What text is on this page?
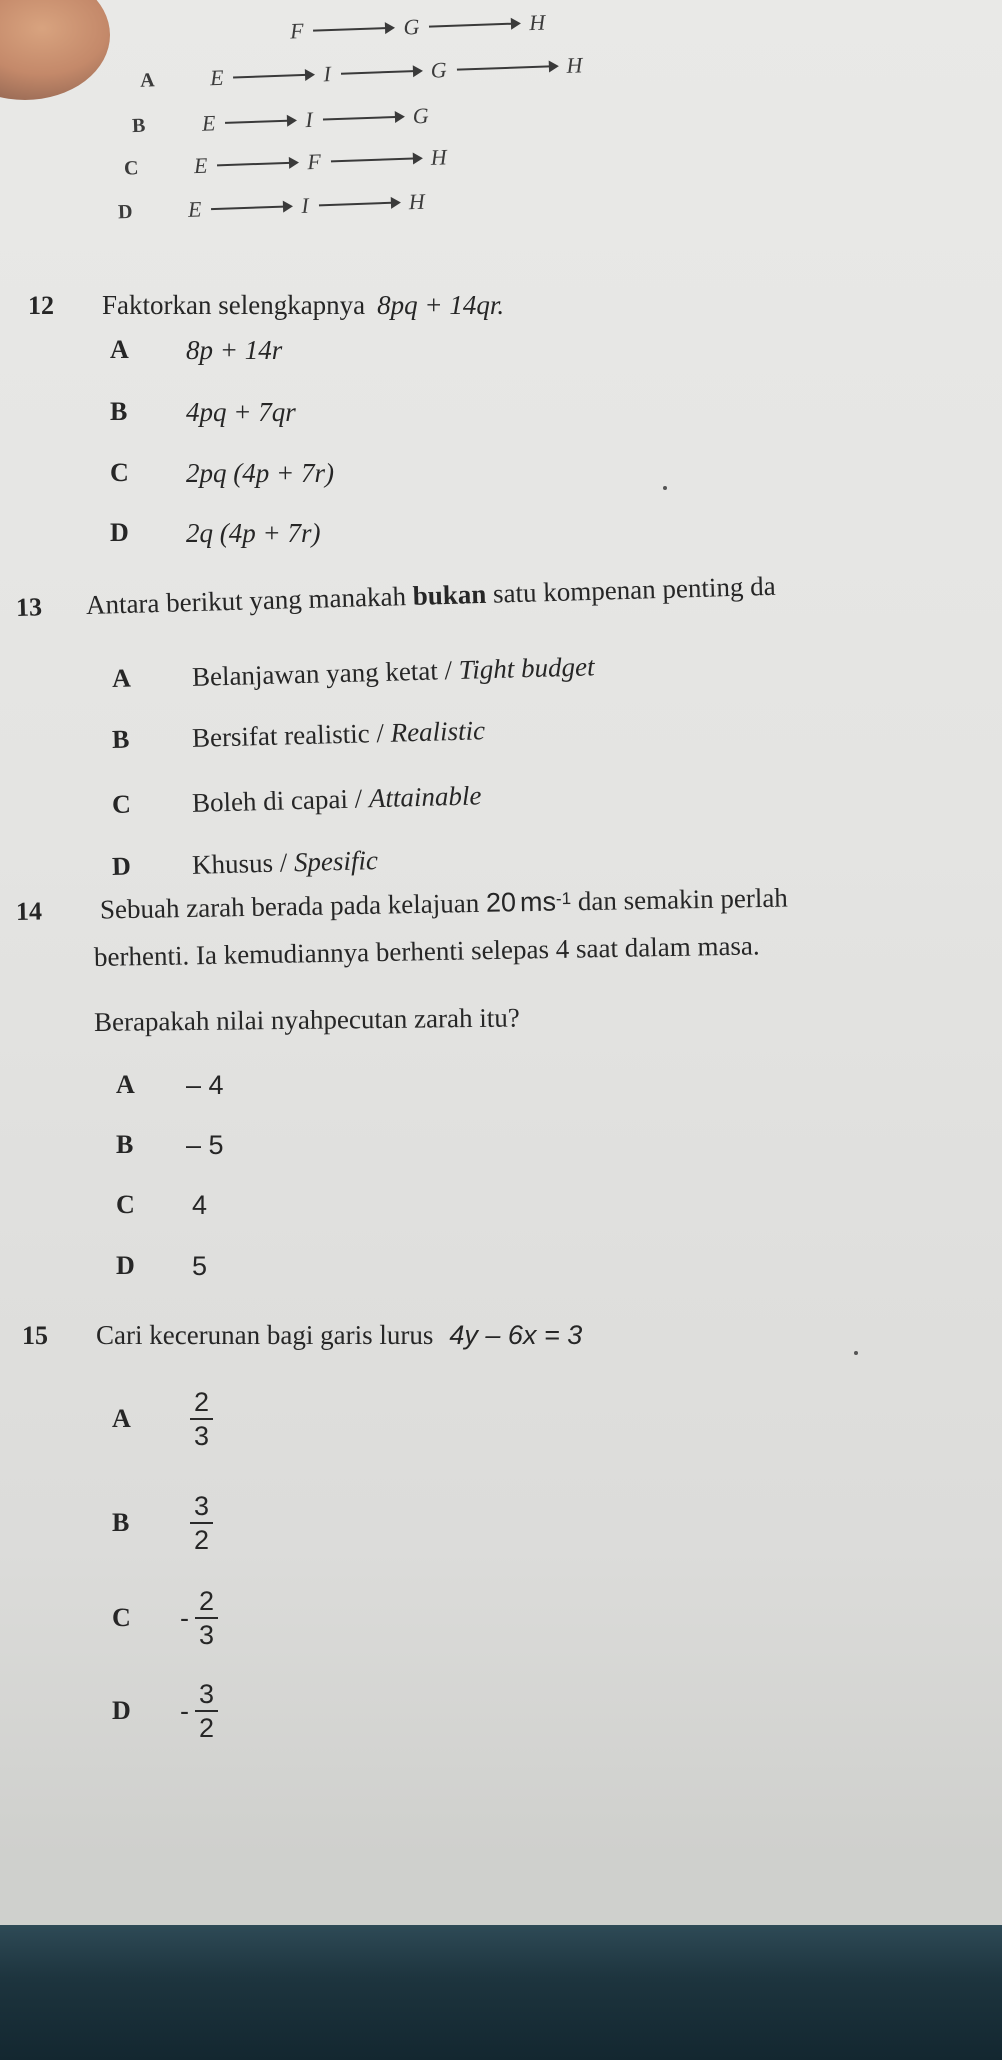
F	G	H
A	E	I	G	H
B	E	I	G
C	E	F	H
D	E	I	H
12 Faktorkan selengkapnya 8pq + 14qr.
A 8p + 14r
B 4pq + 7qr
C 2pq (4p + 7r)
D 2q (4p + 7r)
13 Antara berikut yang manakah bukan satu kompenan penting da
A Belanjawan yang ketat / Tight budget
B Bersifat realistic / Realistic
C Boleh di capai / Attainable
D Khusus / Spesific
14 Sebuah zarah berada pada kelajuan 20 $ms^{-1}$ dan semakin perlah
berhenti. Ia kemudiannya berhenti selepas 4 saat dalam masa.
Berapakah nilai nyahpecutan zarah itu?
A – 4
B – 5
C 4
D 5
15 Cari kecerunan bagi garis lurus 4y – 6x = 3
A	$\frac{2}{3}$
B	$\frac{3}{2}$
C	- $\frac{2}{3}$
D	- $\frac{3}{2}$
